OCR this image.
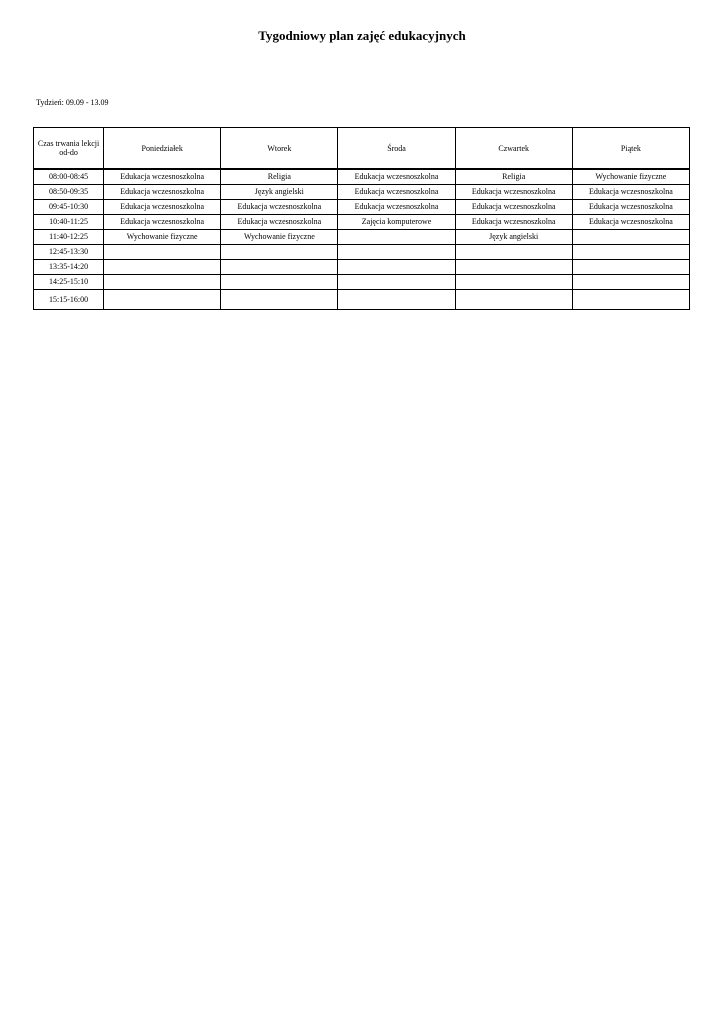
Tygodniowy plan zajęć edukacyjnych
Tydzień: 09.09 - 13.09
Czas trwania lekcji od-do	Poniedziałek	Wtorek	Środa	Czwartek	Piątek
08:00-08:45	Edukacja wczesnoszkolna	Religia	Edukacja wczesnoszkolna	Religia	Wychowanie fizyczne
08:50-09:35	Edukacja wczesnoszkolna	Język angielski	Edukacja wczesnoszkolna	Edukacja wczesnoszkolna	Edukacja wczesnoszkolna
09:45-10:30	Edukacja wczesnoszkolna	Edukacja wczesnoszkolna	Edukacja wczesnoszkolna	Edukacja wczesnoszkolna	Edukacja wczesnoszkolna
10:40-11:25	Edukacja wczesnoszkolna	Edukacja wczesnoszkolna	Zajęcia komputerowe	Edukacja wczesnoszkolna	Edukacja wczesnoszkolna
11:40-12:25	Wychowanie fizyczne	Wychowanie fizyczne		Język angielski	
12:45-13:30					
13:35-14:20					
14:25-15:10					
15:15-16:00					
